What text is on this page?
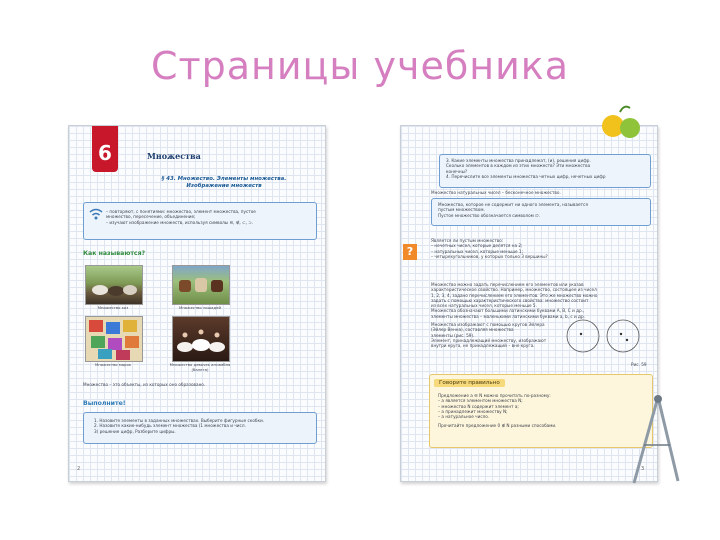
Страницы учебника
6	Множества
§ 43. Множество. Элементы множества. Изображение множеств
– повторяют, с понятиями: множество, элемент множества, пустое
множество, пересечение, объединение;
– изучают изображение множеств, используя символы ∈, ∉, ⊂, ⊃.
Как называются?
Множество коз	Множество лошадей
Множество марок	Множество девочек ансамбля (балета)
Множество – это объекты, из которых оно образовано.
Выполните!
1. Назовите элементы в заданных множествах. Выберите фигурные скобки.
2. Назовите какие-нибудь элемент множества (1 множества и числ.
3) решение цифр, Разберите цифры.
2
3. Какие элементы множества принадлежат, (и), решения цифр.
Сколько элементов в каждом из этих множеств? Эти множества
конечны?
4. Перечислите все элементы множества четных цифр, нечетных цифр
Множество натуральных чисел – бесконечное множество.
Множество, которое не содержит ни одного элемента, называется
пустым множеством.
Пустое множество обозначается символом ∅.
?
Является ли пустым множество:
– нечетных чисел, которые делятся на 2;
– натуральных чисел, которые меньше 1;
– четырехугольников, у которых только 3 вершины?
Множество можно задать перечислением его элементов или указав
характеристическое свойство. Например, множество, состоящее из чисел
1, 2, 3, 4, задано перечислением его элементов. Это же множество можно
задать с помощью характеристического свойства: множество состоит
из всех натуральных чисел, которые меньше 5.
Множества обозначают большими латинскими буквами A, B, C и др.,
элементы множества – маленькими латинскими буквами a, b, c и др.
Множества изображают с помощью кругов Эйлера
(Эйлер Венна), составляя множества
элементы (рис. 59).
Элемент, принадлежащий множеству, изображают
внутри круга, не принадлежащий – вне круга.
Рис. 59
Говорите правильно
Предложение a ∈ N можно прочитать по-разному:
– a является элементом множества N;
– множество N содержит элемент a;
– a принадлежит множеству N;
– a натуральное число.
Прочитайте предложение 0 ∉ N разными способами.
3
